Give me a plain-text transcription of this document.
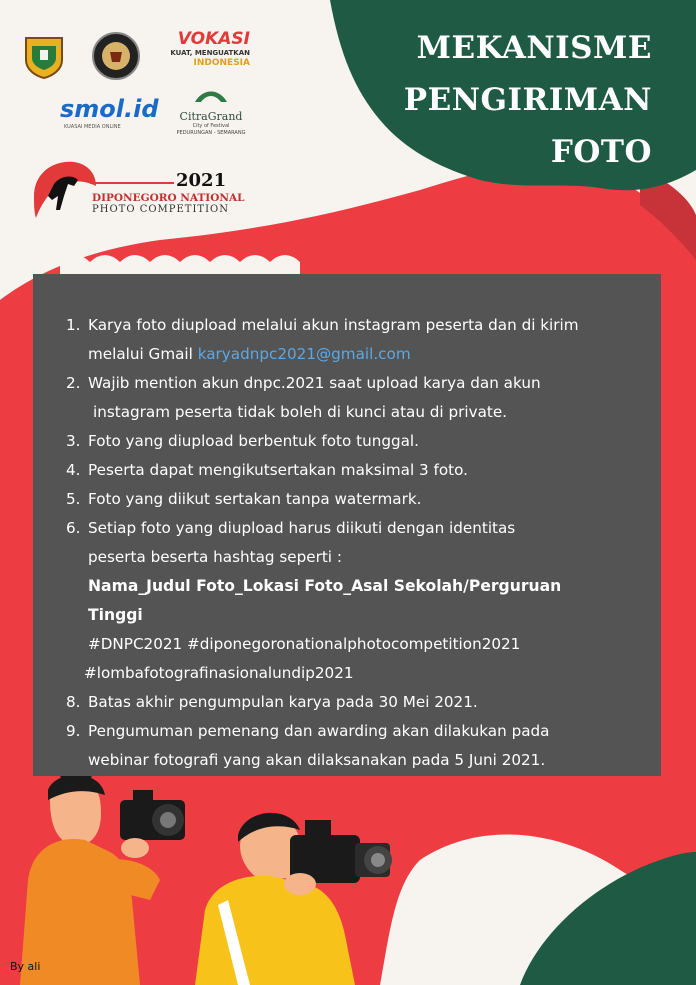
VOKASI
KUAT, MENGUATKAN
INDONESIA
smol.id
KUASAI MEDIA ONLINE
CitraGrand
City of Festival
PEDURUNGAN - SEMARANG
2021
DIPONEGORO NATIONAL
PHOTO COMPETITION
MEKANISME
PENGIRIMAN
FOTO
1. Karya foto diupload melalui akun instagram peserta dan di kirim
melalui Gmail karyadnpc2021@gmail.com
2. Wajib mention akun dnpc.2021 saat upload karya dan akun
instagram peserta tidak boleh di kunci atau di private.
3. Foto yang diupload berbentuk foto tunggal.
4. Peserta dapat mengikutsertakan maksimal 3 foto.
5. Foto yang diikut sertakan tanpa watermark.
6. Setiap foto yang diupload harus diikuti dengan identitas
peserta beserta hashtag seperti :
Nama_Judul Foto_Lokasi Foto_Asal Sekolah/Perguruan
Tinggi
#DNPC2021 #diponegoronationalphotocompetition2021
#lombafotografinasionalundip2021
8. Batas akhir pengumpulan karya pada 30 Mei 2021.
9. Pengumuman pemenang dan awarding akan dilakukan pada
webinar fotografi yang akan dilaksanakan pada 5 Juni 2021.
By ali
